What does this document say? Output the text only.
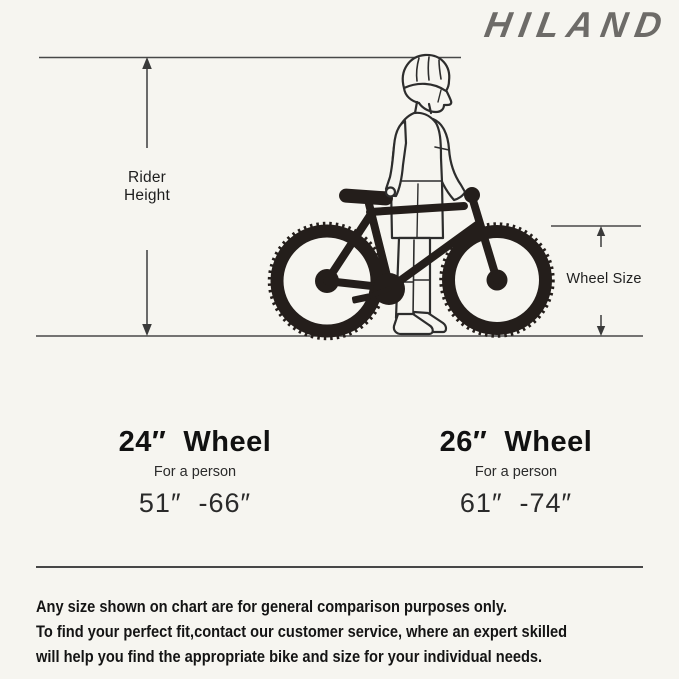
HILAND
Rider
Height
Wheel Size
24″  Wheel
For a person
51″  -66″
26″  Wheel
For a person
61″  -74″
Any size shown on chart are for general comparison purposes only.
To find your perfect fit,contact our customer service, where an expert skilled
will help you find the appropriate bike and size for your individual needs.
